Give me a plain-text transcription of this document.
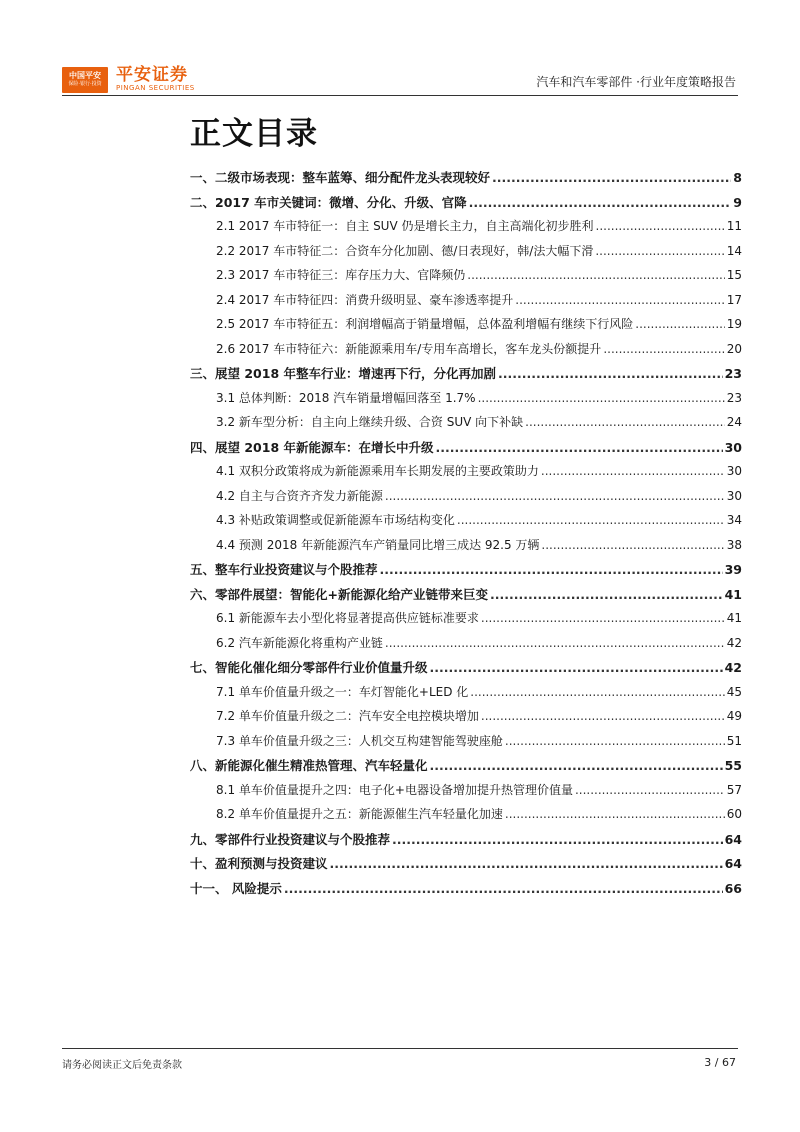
中国平安
保险·银行·投资 平安证券
PINGAN SECURITIES	汽车和汽车零部件 ·行业年度策略报告
正文目录
一、二级市场表现：整车蓝筹、细分配件龙头表现较好 .....	8
二、2017 车市关键词：微增、分化、升级、官降 .....	9
2.1 2017 车市特征一：自主 SUV 仍是增长主力，自主高端化初步胜利 .....	11
2.2 2017 车市特征二：合资车分化加剧、德/日表现好，韩/法大幅下滑 .....	14
2.3 2017 车市特征三：库存压力大、官降频仍 .....	15
2.4 2017 车市特征四：消费升级明显、豪车渗透率提升 .....	17
2.5 2017 车市特征五：利润增幅高于销量增幅，总体盈利增幅有继续下行风险 .....	19
2.6 2017 车市特征六：新能源乘用车/专用车高增长，客车龙头份额提升 .....	20
三、展望 2018 年整车行业：增速再下行，分化再加剧 .....	23
3.1 总体判断：2018 汽车销量增幅回落至 1.7% .....	23
3.2 新车型分析：自主向上继续升级、合资 SUV 向下补缺 .....	24
四、展望 2018 年新能源车：在增长中升级 .....	30
4.1 双积分政策将成为新能源乘用车长期发展的主要政策助力 .....	30
4.2 自主与合资齐齐发力新能源 .....	30
4.3 补贴政策调整或促新能源车市场结构变化 .....	34
4.4 预测 2018 年新能源汽车产销量同比增三成达 92.5 万辆 .....	38
五、整车行业投资建议与个股推荐 .....	39
六、零部件展望：智能化+新能源化给产业链带来巨变 .....	41
6.1 新能源车去小型化将显著提高供应链标准要求 .....	41
6.2 汽车新能源化将重构产业链 .....	42
七、智能化催化细分零部件行业价值量升级 .....	42
7.1 单车价值量升级之一：车灯智能化+LED 化 .....	45
7.2 单车价值量升级之二：汽车安全电控模块增加 .....	49
7.3 单车价值量升级之三：人机交互构建智能驾驶座舱 .....	51
八、新能源化催生精准热管理、汽车轻量化 .....	55
8.1 单车价值量提升之四：电子化+电器设备增加提升热管理价值量 .....	57
8.2 单车价值量提升之五：新能源催生汽车轻量化加速 .....	60
九、零部件行业投资建议与个股推荐 .....	64
十、盈利预测与投资建议 .....	64
十一、 风险提示 .....	66
请务必阅读正文后免责条款	3 / 67
